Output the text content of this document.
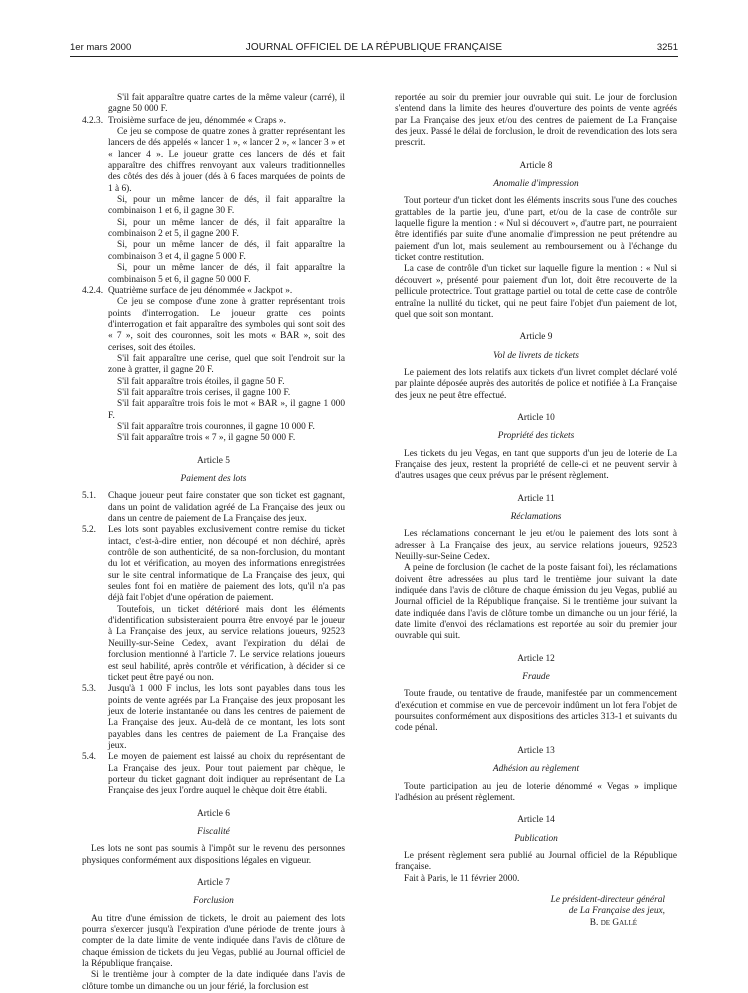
1er mars 2000	JOURNAL OFFICIEL DE LA RÉPUBLIQUE FRANÇAISE	3251

S'il fait apparaître quatre cartes de la même valeur (carré), il gagne 50 000 F.

4.2.3. Troisième surface de jeu, dénommée « Craps ».

Ce jeu se compose de quatre zones à gratter représentant les lancers de dés appelés « lancer 1 », « lancer 2 », « lancer 3 » et « lancer 4 ». Le joueur gratte ces lancers de dés et fait apparaître des chiffres renvoyant aux valeurs traditionnelles des côtés des dés à jouer (dés à 6 faces marquées de points de 1 à 6).

Si, pour un même lancer de dés, il fait apparaître la combinaison 1 et 6, il gagne 30 F.

Si, pour un même lancer de dés, il fait apparaître la combinaison 2 et 5, il gagne 200 F.

Si, pour un même lancer de dés, il fait apparaître la combinaison 3 et 4, il gagne 5 000 F.

Si, pour un même lancer de dés, il fait apparaître la combinaison 5 et 6, il gagne 50 000 F.

4.2.4. Quatrième surface de jeu dénommée « Jackpot ».

Ce jeu se compose d'une zone à gratter représentant trois points d'interrogation. Le joueur gratte ces points d'interrogation et fait apparaître des symboles qui sont soit des « 7 », soit des couronnes, soit les mots « BAR », soit des cerises, soit des étoiles.

S'il fait apparaître une cerise, quel que soit l'endroit sur la zone à gratter, il gagne 20 F.

S'il fait apparaître trois étoiles, il gagne 50 F.

S'il fait apparaître trois cerises, il gagne 100 F.

S'il fait apparaître trois fois le mot « BAR », il gagne 1 000 F.

S'il fait apparaître trois couronnes, il gagne 10 000 F.

S'il fait apparaître trois « 7 », il gagne 50 000 F.

Article 5
Paiement des lots
5.1. Chaque joueur peut faire constater que son ticket est gagnant, dans un point de validation agréé de La Française des jeux ou dans un centre de paiement de La Française des jeux.

5.2. Les lots sont payables exclusivement contre remise du ticket intact, c'est-à-dire entier, non découpé et non déchiré, après contrôle de son authenticité, de sa non-forclusion, du montant du lot et vérification, au moyen des informations enregistrées sur le site central informatique de La Française des jeux, qui seules font foi en matière de paiement des lots, qu'il n'a pas déjà fait l'objet d'une opération de paiement.

Toutefois, un ticket détérioré mais dont les éléments d'identification subsisteraient pourra être envoyé par le joueur à La Française des jeux, au service relations joueurs, 92523 Neuilly-sur-Seine Cedex, avant l'expiration du délai de forclusion mentionné à l'article 7. Le service relations joueurs est seul habilité, après contrôle et vérification, à décider si ce ticket peut être payé ou non.

5.3. Jusqu'à 1 000 F inclus, les lots sont payables dans tous les points de vente agréés par La Française des jeux proposant les jeux de loterie instantanée ou dans les centres de paiement de La Française des jeux. Au-delà de ce montant, les lots sont payables dans les centres de paiement de La Française des jeux.

5.4. Le moyen de paiement est laissé au choix du représentant de La Française des jeux. Pour tout paiement par chèque, le porteur du ticket gagnant doit indiquer au représentant de La Française des jeux l'ordre auquel le chèque doit être établi.

Article 6
Fiscalité

Les lots ne sont pas soumis à l'impôt sur le revenu des personnes physiques conformément aux dispositions légales en vigueur.

Article 7
Forclusion

Au titre d'une émission de tickets, le droit au paiement des lots pourra s'exercer jusqu'à l'expiration d'une période de trente jours à compter de la date limite de vente indiquée dans l'avis de clôture de chaque émission de tickets du jeu Vegas, publié au Journal officiel de la République française.

Si le trentième jour à compter de la date indiquée dans l'avis de clôture tombe un dimanche ou un jour férié, la forclusion est

reportée au soir du premier jour ouvrable qui suit. Le jour de forclusion s'entend dans la limite des heures d'ouverture des points de vente agréés par La Française des jeux et/ou des centres de paiement de La Française des jeux. Passé le délai de forclusion, le droit de revendication des lots sera prescrit.

Article 8
Anomalie d'impression

Tout porteur d'un ticket dont les éléments inscrits sous l'une des couches grattables de la partie jeu, d'une part, et/ou de la case de contrôle sur laquelle figure la mention : « Nul si découvert », d'autre part, ne pourraient être identifiés par suite d'une anomalie d'impression ne peut prétendre au paiement d'un lot, mais seulement au remboursement ou à l'échange du ticket contre restitution.

La case de contrôle d'un ticket sur laquelle figure la mention : « Nul si découvert », présenté pour paiement d'un lot, doit être recouverte de la pellicule protectrice. Tout grattage partiel ou total de cette case de contrôle entraîne la nullité du ticket, qui ne peut faire l'objet d'un paiement de lot, quel que soit son montant.

Article 9
Vol de livrets de tickets

Le paiement des lots relatifs aux tickets d'un livret complet déclaré volé par plainte déposée auprès des autorités de police et notifiée à La Française des jeux ne peut être effectué.

Article 10
Propriété des tickets

Les tickets du jeu Vegas, en tant que supports d'un jeu de loterie de La Française des jeux, restent la propriété de celle-ci et ne peuvent servir à d'autres usages que ceux prévus par le présent règlement.

Article 11
Réclamations

Les réclamations concernant le jeu et/ou le paiement des lots sont à adresser à La Française des jeux, au service relations joueurs, 92523 Neuilly-sur-Seine Cedex.

A peine de forclusion (le cachet de la poste faisant foi), les réclamations doivent être adressées au plus tard le trentième jour suivant la date indiquée dans l'avis de clôture de chaque émission du jeu Vegas, publié au Journal officiel de la République française. Si le trentième jour suivant la date indiquée dans l'avis de clôture tombe un dimanche ou un jour férié, la date limite d'envoi des réclamations est reportée au soir du premier jour ouvrable qui suit.

Article 12
Fraude

Toute fraude, ou tentative de fraude, manifestée par un commencement d'exécution et commise en vue de percevoir indûment un lot fera l'objet de poursuites conformément aux dispositions des articles 313-1 et suivants du code pénal.

Article 13
Adhésion au règlement

Toute participation au jeu de loterie dénommé « Vegas » implique l'adhésion au présent règlement.

Article 14
Publication

Le présent règlement sera publié au Journal officiel de la République française.

Fait à Paris, le 11 février 2000.

Le président-directeur général
de La Française des jeux,
B. de Gallé
